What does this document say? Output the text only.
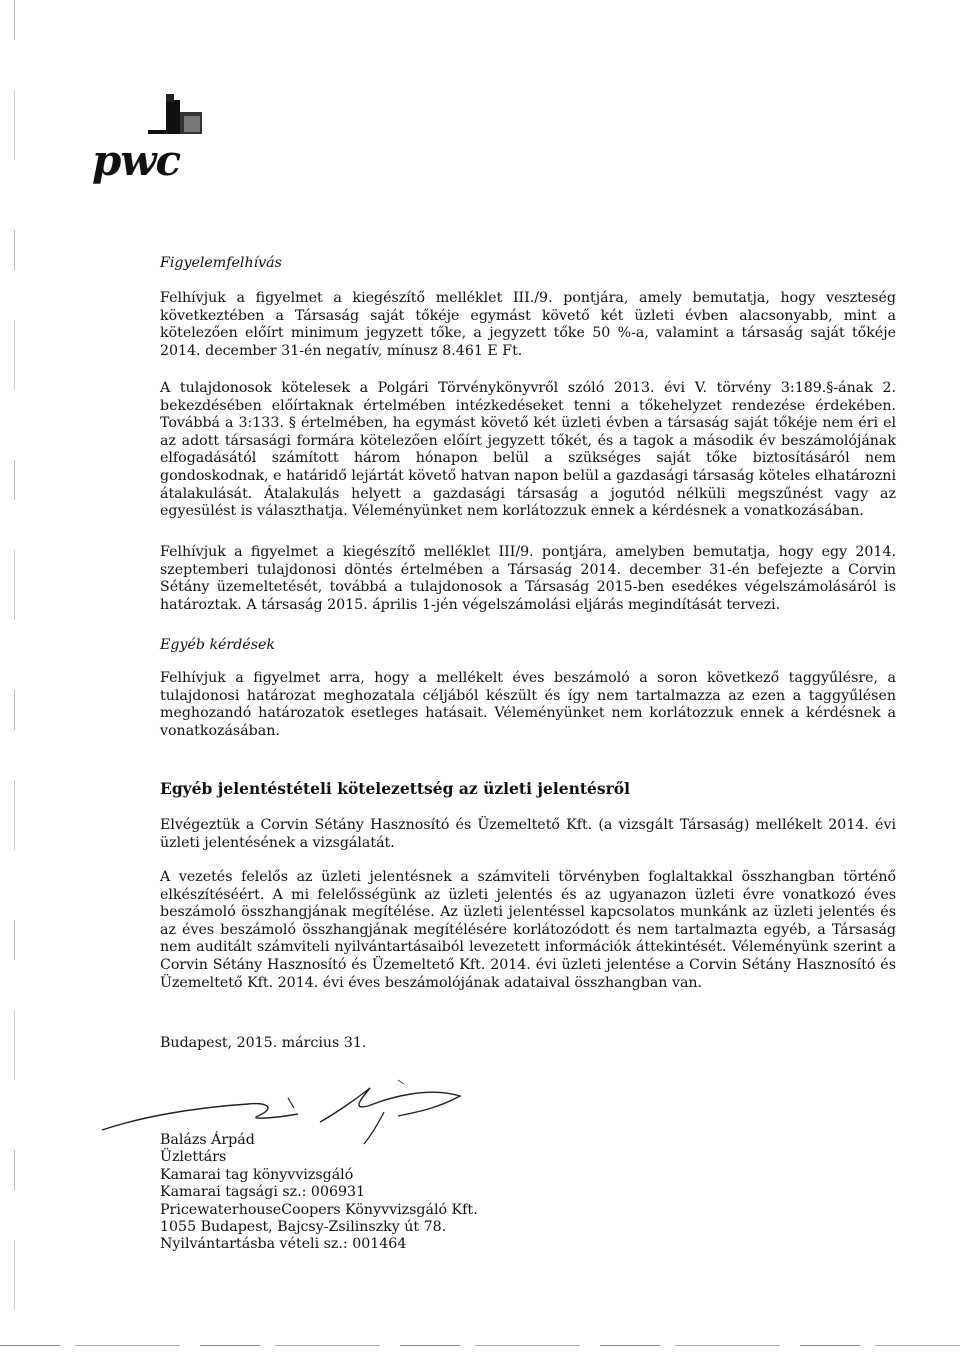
pwc

Figyelemfelhívás

Felhívjuk a figyelmet a kiegészítő melléklet III./9. pontjára, amely bemutatja, hogy veszteség következtében a Társaság saját tőkéje egymást követő két üzleti évben alacsonyabb, mint a kötelezően előírt minimum jegyzett tőke, a jegyzett tőke 50 %-a, valamint a társaság saját tőkéje 2014. december 31-én negatív, mínusz 8.461 E Ft.

A tulajdonosok kötelesek a Polgári Törvénykönyvről szóló 2013. évi V. törvény 3:189.§-ának 2. bekezdésében előírtaknak értelmében intézkedéseket tenni a tőkehelyzet rendezése érdekében. Továbbá a 3:133. § értelmében, ha egymást követő két üzleti évben a társaság saját tőkéje nem éri el az adott társasági formára kötelezően előírt jegyzett tőkét, és a tagok a második év beszámolójának elfogadásától számított három hónapon belül a szükséges saját tőke biztosításáról nem gondoskodnak, e határidő lejártát követő hatvan napon belül a gazdasági társaság köteles elhatározni átalakulását. Átalakulás helyett a gazdasági társaság a jogutód nélküli megszűnést vagy az egyesülést is választhatja. Véleményünket nem korlátozzuk ennek a kérdésnek a vonatkozásában.

Felhívjuk a figyelmet a kiegészítő melléklet III/9. pontjára, amelyben bemutatja, hogy egy 2014. szeptemberi tulajdonosi döntés értelmében a Társaság 2014. december 31-én befejezte a Corvin Sétány üzemeltetését, továbbá a tulajdonosok a Társaság 2015-ben esedékes végelszámolásáról is határoztak. A társaság 2015. április 1-jén végelszámolási eljárás megindítását tervezi.

Egyéb kérdések

Felhívjuk a figyelmet arra, hogy a mellékelt éves beszámoló a soron következő taggyűlésre, a tulajdonosi határozat meghozatala céljából készült és így nem tartalmazza az ezen a taggyűlésen meghozandó határozatok esetleges hatásait. Véleményünket nem korlátozzuk ennek a kérdésnek a vonatkozásában.

Egyéb jelentéstételi kötelezettség az üzleti jelentésről

Elvégeztük a Corvin Sétány Hasznosító és Üzemeltető Kft. (a vizsgált Társaság) mellékelt 2014. évi üzleti jelentésének a vizsgálatát.

A vezetés felelős az üzleti jelentésnek a számviteli törvényben foglaltakkal összhangban történő elkészítéséért. A mi felelősségünk az üzleti jelentés és az ugyanazon üzleti évre vonatkozó éves beszámoló összhangjának megítélése. Az üzleti jelentéssel kapcsolatos munkánk az üzleti jelentés és az éves beszámoló összhangjának megítélésére korlátozódott és nem tartalmazta egyéb, a Társaság nem auditált számviteli nyilvántartásaiból levezetett információk áttekintését. Véleményünk szerint a Corvin Sétány Hasznosító és Üzemeltető Kft. 2014. évi üzleti jelentése a Corvin Sétány Hasznosító és Üzemeltető Kft. 2014. évi éves beszámolójának adataival összhangban van.

Budapest, 2015. március 31.

Balázs Árpád

Üzlettárs

Kamarai tag könyvvizsgáló

Kamarai tagsági sz.: 006931

PricewaterhouseCoopers Könyvvizsgáló Kft.

1055 Budapest, Bajcsy-Zsilinszky út 78.

Nyilvántartásba vételi sz.: 001464
